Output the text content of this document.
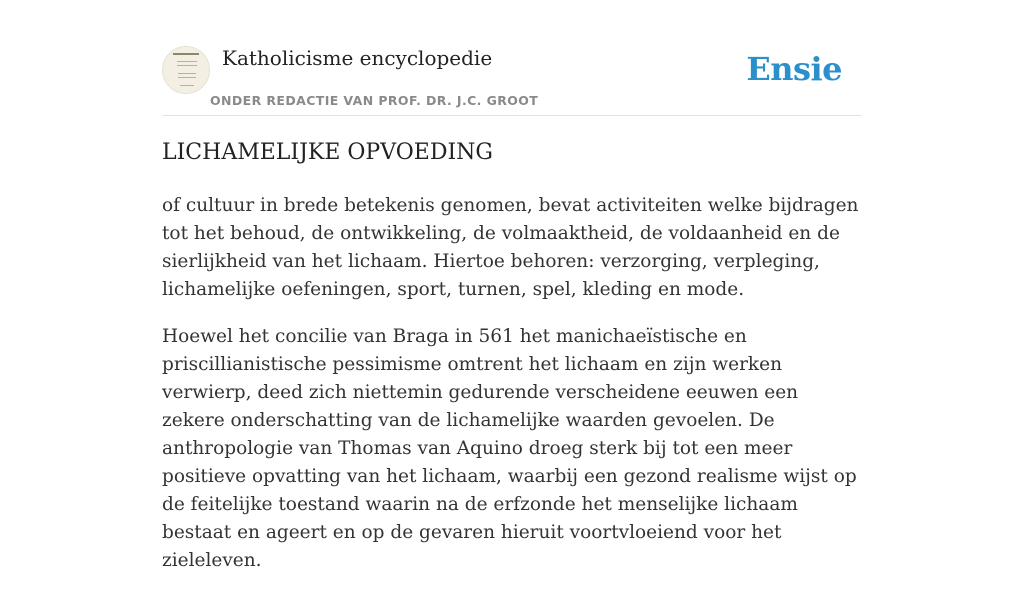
Katholicisme encyclopedie
ONDER REDACTIE VAN PROF. DR. J.C. GROOT
Ensie
LICHAMELIJKE OPVOEDING

of cultuur in brede betekenis genomen, bevat activiteiten welke bijdragen tot het behoud, de ontwikkeling, de volmaaktheid, de voldaanheid en de sierlijkheid van het lichaam. Hiertoe behoren: verzorging, verpleging, lichamelijke oefeningen, sport, turnen, spel, kleding en mode.

Hoewel het concilie van Braga in 561 het manichaeïstische en priscillianistische pessimisme omtrent het lichaam en zijn werken verwierp, deed zich niettemin gedurende verscheidene eeuwen een zekere onderschatting van de lichamelijke waarden gevoelen. De anthropologie van Thomas van Aquino droeg sterk bij tot een meer positieve opvatting van het lichaam, waarbij een gezond realisme wijst op de feitelijke toestand waarin na de erfzonde het menselijke lichaam bestaat en ageert en op de gevaren hieruit voortvloeiend voor het zieleleven.
